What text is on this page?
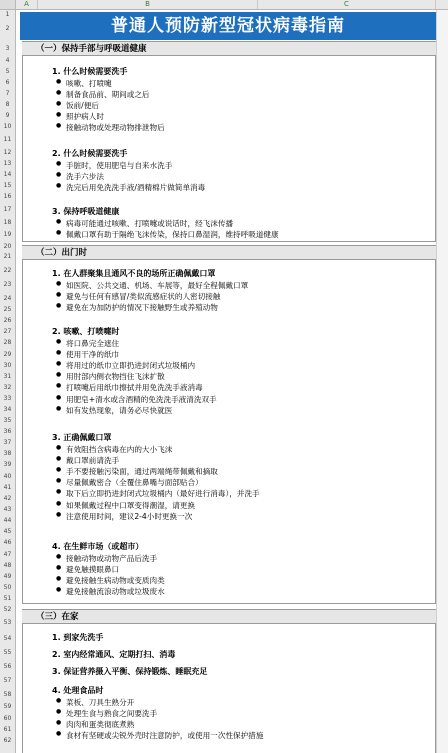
A	B	C
1
2
3
4
5
6
7
8
9
10
11
12
13
14
15
16
17
18
19
20
21
22
23
24
25
26
27
28
29
30
31
32
33
34
35
36
37
38
39
40
41
42
43
44
45
46
47
48
49
50
51
52
53
54
55
56
57
58
59
60
61
62
普通人预防新型冠状病毒指南
（一）保持手部与呼吸道健康
1. 什么时候需要洗手
● 咳嗽、打喷嚏
● 制备食品前、期间或之后
● 饭前/便后
● 照护病人时
● 接触动物或处理动物排泄物后
2. 什么时候需要洗手
● 手脏时，使用肥皂与自来水洗手
● 洗手六步法
● 洗完后用免洗洗手液/酒精棉片做简单消毒
3. 保持呼吸道健康
● 病毒可能通过咳嗽、打喷嚏或说话时，经飞沫传播
● 佩戴口罩有助于隔绝飞沫传染，保持口鼻湿润，维持呼吸道健康
（二）出门时
1. 在人群聚集且通风不良的场所正确佩戴口罩
● 如医院、公共交通、机场、车展等，最好全程佩戴口罩
● 避免与任何有感冒/类似流感症状的人密切接触
● 避免在为加防护的情况下接触野生或养殖动物
2. 咳嗽、打喷嚏时
● 将口鼻完全遮住
● 使用干净的纸巾
● 将用过的纸巾立即扔进封闭式垃圾桶内
● 用肘部内侧衣物挡住飞沫扩散
● 打喷嚏后用纸巾擦拭并用免洗洗手液消毒
● 用肥皂+清水或含酒精的免洗洗手液清洗双手
● 如有发热现象，请务必尽快就医
3. 正确佩戴口罩
● 有效阻挡含病毒在内的大小飞沫
● 戴口罩前请洗手
● 手不要接触污染面，通过两端绳带佩戴和摘取
● 尽量佩戴密合（全覆住鼻嘴与面部贴合）
● 取下后立即扔进封闭式垃圾桶内（最好进行消毒），并洗手
● 如果佩戴过程中口罩变得潮湿，请更换
● 注意使用时间，建议2-4小时更换一次
4. 在生鲜市场（或超市）
● 接触动物或动物产品后洗手
● 避免触摸眼鼻口
● 避免接触生病动物或变质肉类
● 避免接触流浪动物或垃圾废水
（三）在家
1. 到家先洗手
2. 室内经常通风、定期打扫、消毒
3. 保证营养摄入平衡、保持锻炼、睡眠充足
4. 处理食品时
● 菜板、刀具生熟分开
● 处理生食与熟食之间要洗手
● 肉肉和蛋类彻底煮熟
● 食材有坚硬或尖锐外壳时注意防护，或使用一次性保护措施
